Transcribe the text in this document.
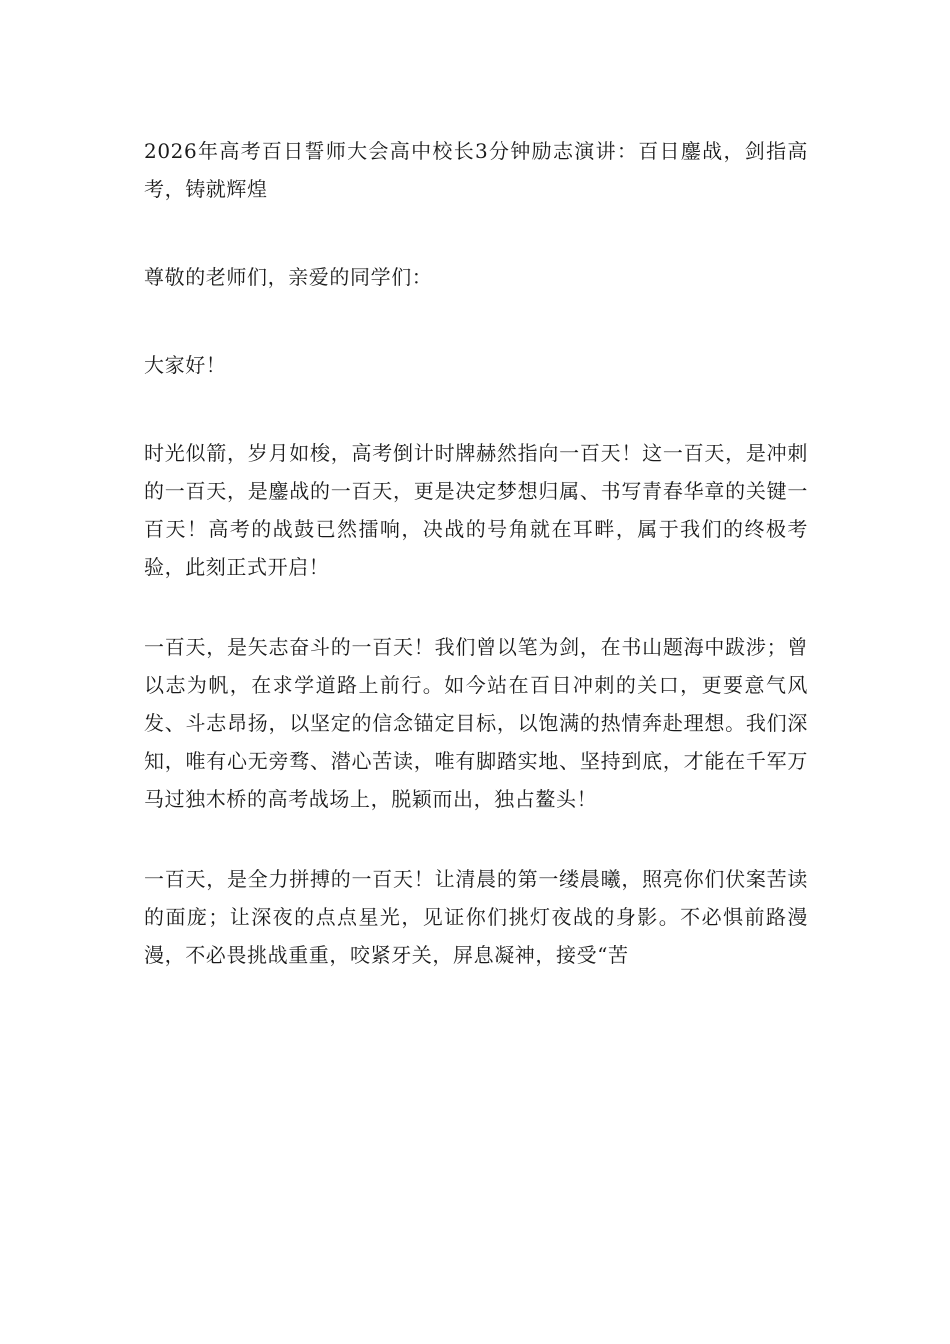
2026年高考百日誓师大会高中校长3分钟励志演讲：百日鏖战，剑指高考，铸就辉煌

尊敬的老师们，亲爱的同学们：

大家好！

时光似箭，岁月如梭，高考倒计时牌赫然指向一百天！这一百天，是冲刺的一百天，是鏖战的一百天，更是决定梦想归属、书写青春华章的关键一百天！高考的战鼓已然擂响，决战的号角就在耳畔，属于我们的终极考验，此刻正式开启！

一百天，是矢志奋斗的一百天！我们曾以笔为剑，在书山题海中跋涉；曾以志为帆，在求学道路上前行。如今站在百日冲刺的关口，更要意气风发、斗志昂扬，以坚定的信念锚定目标，以饱满的热情奔赴理想。我们深知，唯有心无旁骛、潜心苦读，唯有脚踏实地、坚持到底，才能在千军万马过独木桥的高考战场上，脱颖而出，独占鳌头！

一百天，是全力拼搏的一百天！让清晨的第一缕晨曦，照亮你们伏案苦读的面庞；让深夜的点点星光，见证你们挑灯夜战的身影。不必惧前路漫漫，不必畏挑战重重，咬紧牙关，屏息凝神，接受“苦
